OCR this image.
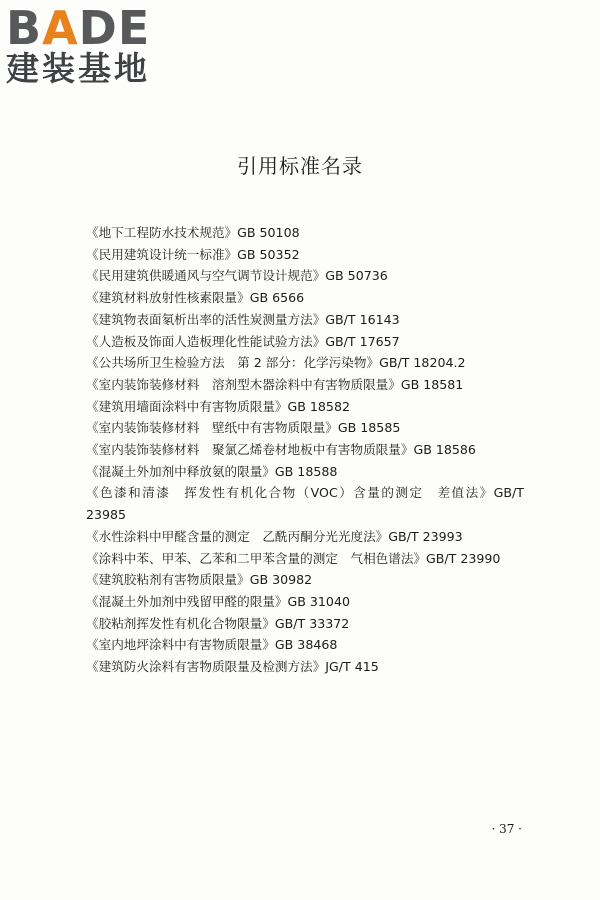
BADE
建装基地
引用标准名录
《地下工程防水技术规范》GB 50108
《民用建筑设计统一标准》GB 50352
《民用建筑供暖通风与空气调节设计规范》GB 50736
《建筑材料放射性核素限量》GB 6566
《建筑物表面氡析出率的活性炭测量方法》GB/T 16143
《人造板及饰面人造板理化性能试验方法》GB/T 17657
《公共场所卫生检验方法　第 2 部分：化学污染物》GB/T 18204.2
《室内装饰装修材料　溶剂型木器涂料中有害物质限量》GB 18581
《建筑用墙面涂料中有害物质限量》GB 18582
《室内装饰装修材料　壁纸中有害物质限量》GB 18585
《室内装饰装修材料　聚氯乙烯卷材地板中有害物质限量》GB 18586
《混凝土外加剂中释放氨的限量》GB 18588
《色漆和清漆　挥发性有机化合物（VOC）含量的测定　差值法》GB/T 23985
《水性涂料中甲醛含量的测定　乙酰丙酮分光光度法》GB/T 23993
《涂料中苯、甲苯、乙苯和二甲苯含量的测定　气相色谱法》GB/T 23990
《建筑胶粘剂有害物质限量》GB 30982
《混凝土外加剂中残留甲醛的限量》GB 31040
《胶粘剂挥发性有机化合物限量》GB/T 33372
《室内地坪涂料中有害物质限量》GB 38468
《建筑防火涂料有害物质限量及检测方法》JG/T 415
· 37 ·
